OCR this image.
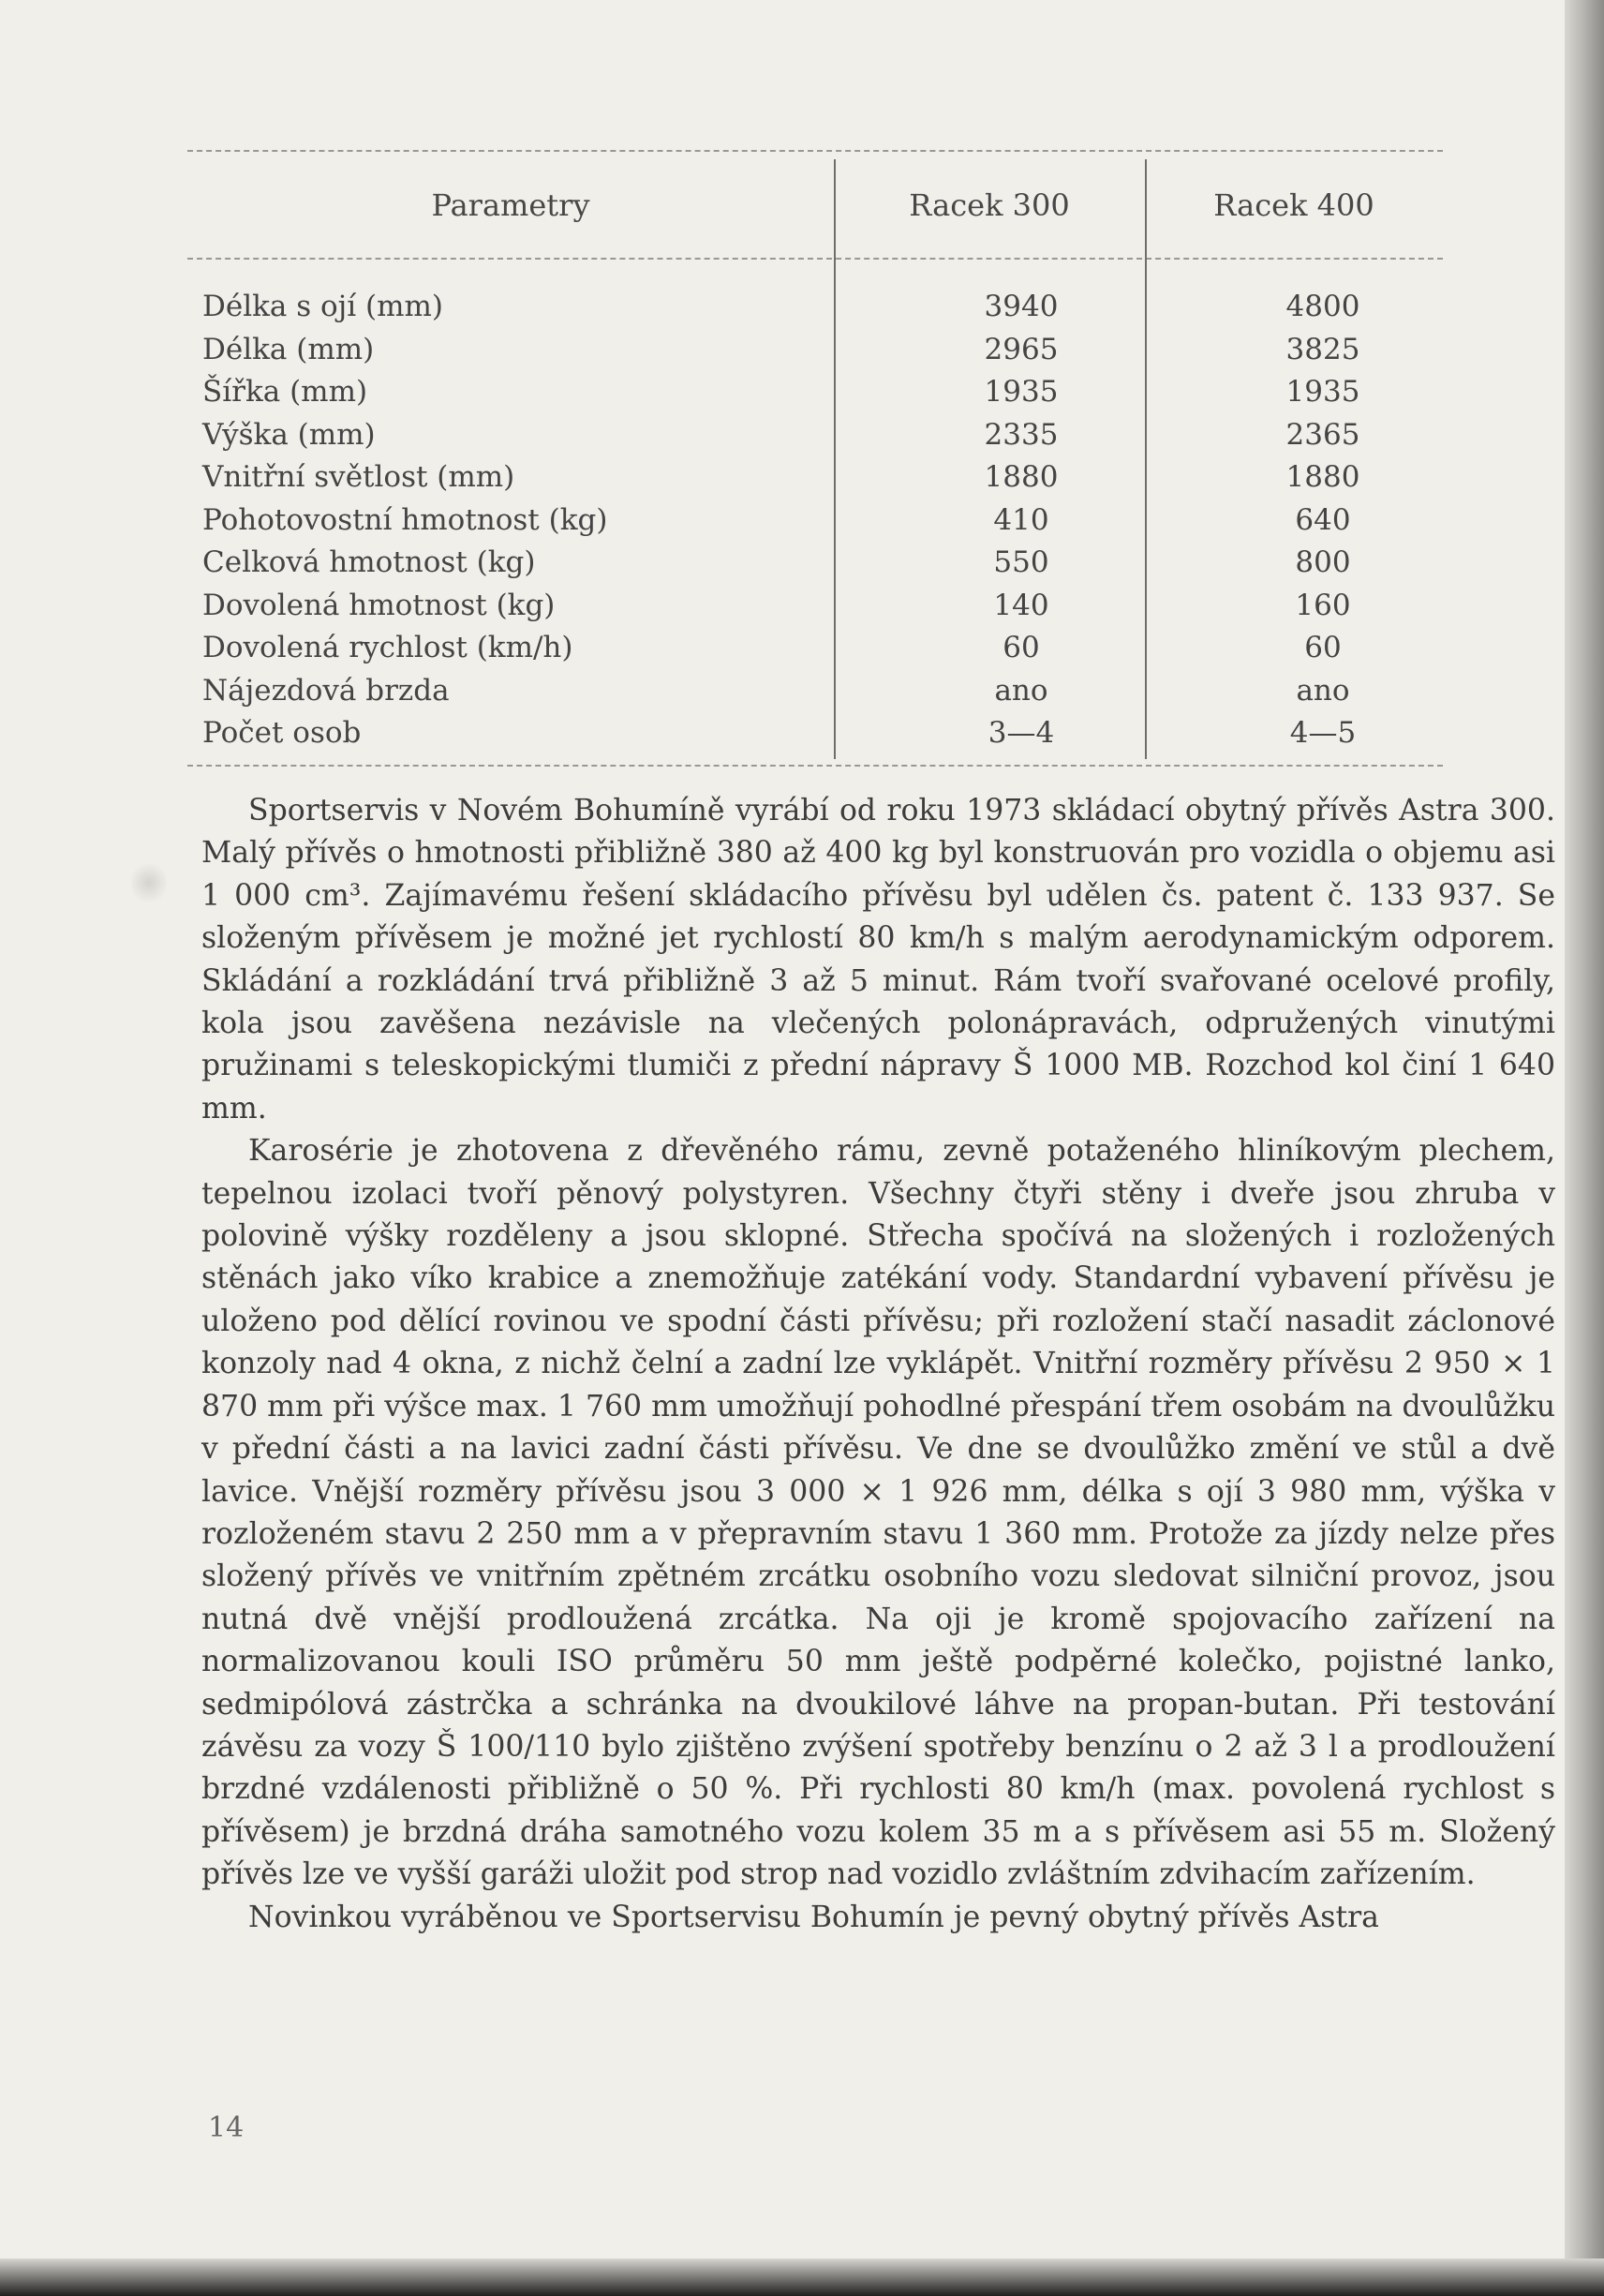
Parametry	Racek 300	Racek 400
Délka s ojí (mm)	3940	4800
Délka (mm)	2965	3825
Šířka (mm)	1935	1935
Výška (mm)	2335	2365
Vnitřní světlost (mm)	1880	1880
Pohotovostní hmotnost (kg)	410	640
Celková hmotnost (kg)	550	800
Dovolená hmotnost (kg)	140	160
Dovolená rychlost (km/h)	60	60
Nájezdová brzda	ano	ano
Počet osob	3—4	4—5

Sportservis v Novém Bohumíně vyrábí od roku 1973 skládací obytný přívěs Astra 300. Malý přívěs o hmotnosti přibližně 380 až 400 kg byl konstruován pro vozidla o objemu asi 1 000 cm³. Zajímavému řešení skládacího přívěsu byl udělen čs. patent č. 133 937. Se složeným přívěsem je možné jet rychlostí 80 km/h s malým aerodynamickým odporem. Skládání a rozkládání trvá přibližně 3 až 5 minut. Rám tvoří svařované ocelové profily, kola jsou zavěšena nezávisle na vlečených polonápravách, odpružených vinutými pružinami s teleskopickými tlumiči z přední nápravy Š 1000 MB. Rozchod kol činí 1 640 mm.

Karosérie je zhotovena z dřevěného rámu, zevně potaženého hliníkovým plechem, tepelnou izolaci tvoří pěnový polystyren. Všechny čtyři stěny i dveře jsou zhruba v polovině výšky rozděleny a jsou sklopné. Střecha spočívá na složených i rozložených stěnách jako víko krabice a znemožňuje zatékání vody. Standardní vybavení přívěsu je uloženo pod dělící rovinou ve spodní části přívěsu; při rozložení stačí nasadit záclonové konzoly nad 4 okna, z nichž čelní a zadní lze vyklápět. Vnitřní rozměry přívěsu 2 950 × 1 870 mm při výšce max. 1 760 mm umožňují pohodlné přespání třem osobám na dvoulůžku v přední části a na lavici zadní části přívěsu. Ve dne se dvoulůžko změní ve stůl a dvě lavice. Vnější rozměry přívěsu jsou 3 000 × 1 926 mm, délka s ojí 3 980 mm, výška v rozloženém stavu 2 250 mm a v přepravním stavu 1 360 mm. Protože za jízdy nelze přes složený přívěs ve vnitřním zpětném zrcátku osobního vozu sledovat silniční provoz, jsou nutná dvě vnější prodloužená zrcátka. Na oji je kromě spojovacího zařízení na normalizovanou kouli ISO průměru 50 mm ještě podpěrné kolečko, pojistné lanko, sedmipólová zástrčka a schránka na dvoukilové láhve na propan-butan. Při testování závěsu za vozy Š 100/110 bylo zjištěno zvýšení spotřeby benzínu o 2 až 3 l a prodloužení brzdné vzdálenosti přibližně o 50 %. Při rychlosti 80 km/h (max. povolená rychlost s přívěsem) je brzdná dráha samotného vozu kolem 35 m a s přívěsem asi 55 m. Složený přívěs lze ve vyšší garáži uložit pod strop nad vozidlo zvláštním zdvihacím zařízením.

Novinkou vyráběnou ve Sportservisu Bohumín je pevný obytný přívěs Astra

14
